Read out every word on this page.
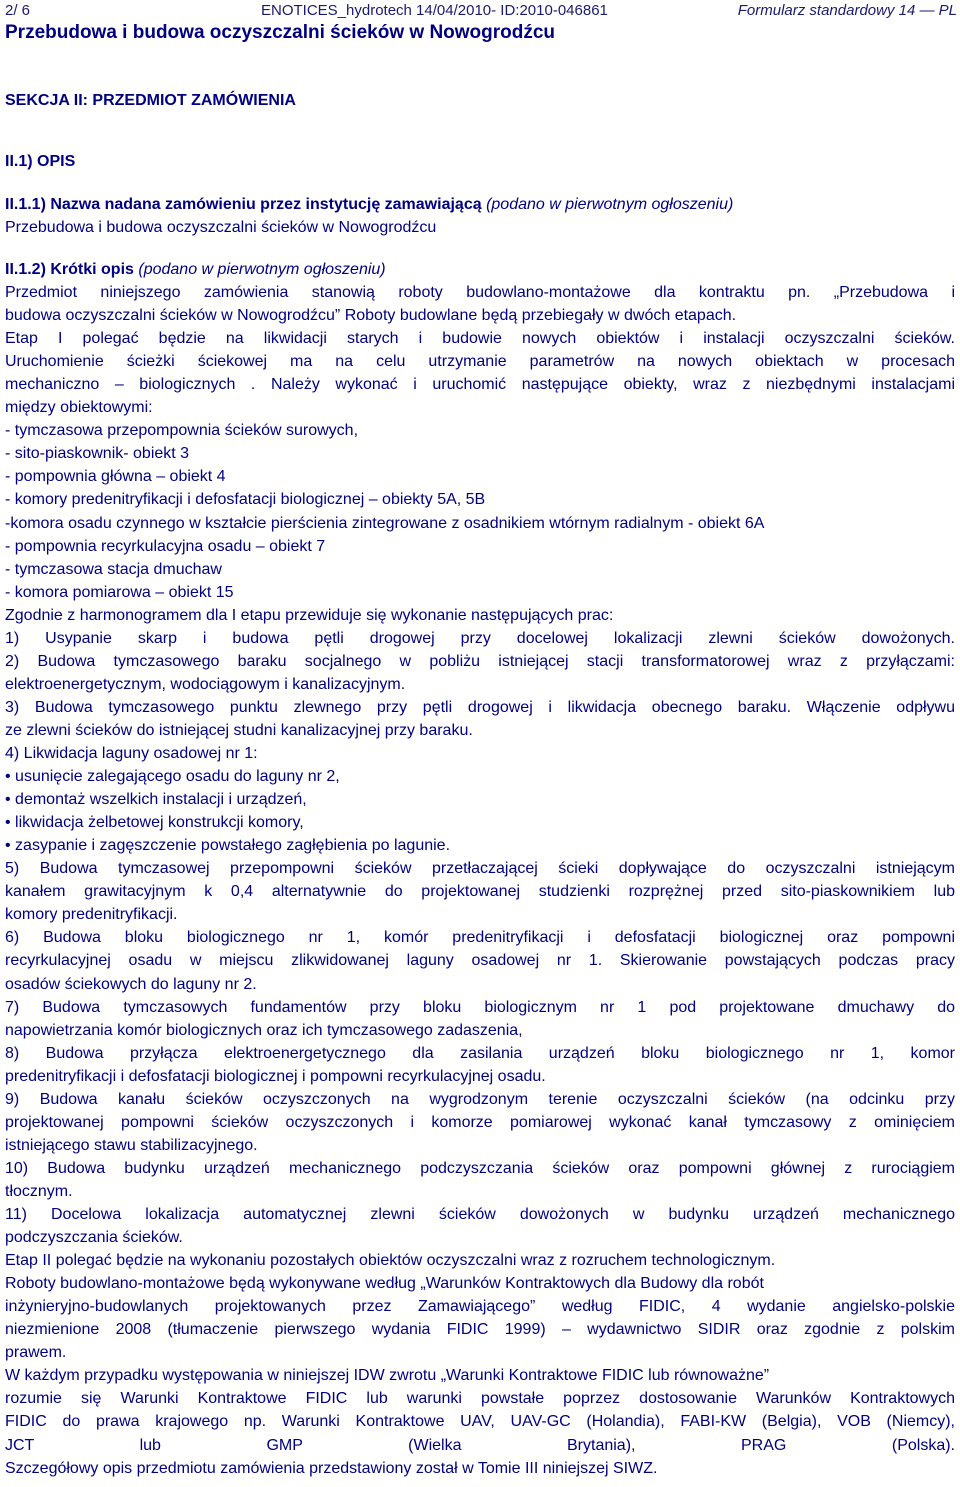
2/ 6	ENOTICES_hydrotech 14/04/2010- ID:2010-046861	Formularz standardowy 14 — PL
Przebudowa i budowa oczyszczalni ścieków w Nowogrodźcu
SEKCJA II: PRZEDMIOT ZAMÓWIENIA
II.1) OPIS
II.1.1) Nazwa nadana zamówieniu przez instytucję zamawiającą (podano w pierwotnym ogłoszeniu)
Przebudowa i budowa oczyszczalni ścieków w Nowogrodźcu
II.1.2) Krótki opis (podano w pierwotnym ogłoszeniu)
Przedmiot niniejszego zamówienia stanowią roboty budowlano-montażowe dla kontraktu pn. „Przebudowa i
budowa oczyszczalni ścieków w Nowogrodźcu” Roboty budowlane będą przebiegały w dwóch etapach.
Etap I polegać będzie na likwidacji starych i budowie nowych obiektów i instalacji oczyszczalni ścieków.
Uruchomienie ścieżki ściekowej ma na celu utrzymanie parametrów na nowych obiektach w procesach
mechaniczno – biologicznych . Należy wykonać i uruchomić następujące obiekty, wraz z niezbędnymi instalacjami
między obiektowymi:
- tymczasowa przepompownia ścieków surowych,
- sito-piaskownik- obiekt 3
- pompownia główna – obiekt 4
- komory predenitryfikacji i defosfatacji biologicznej – obiekty 5A, 5B
-komora osadu czynnego w kształcie pierścienia zintegrowane z osadnikiem wtórnym radialnym - obiekt 6A
- pompownia recyrkulacyjna osadu – obiekt 7
- tymczasowa stacja dmuchaw
- komora pomiarowa – obiekt 15
Zgodnie z harmonogramem dla I etapu przewiduje się wykonanie następujących prac:
1) Usypanie skarp i budowa pętli drogowej przy docelowej lokalizacji zlewni ścieków dowożonych.
2) Budowa tymczasowego baraku socjalnego w pobliżu istniejącej stacji transformatorowej wraz z przyłączami:
elektroenergetycznym, wodociągowym i kanalizacyjnym.
3) Budowa tymczasowego punktu zlewnego przy pętli drogowej i likwidacja obecnego baraku. Włączenie odpływu
ze zlewni ścieków do istniejącej studni kanalizacyjnej przy baraku.
4) Likwidacja laguny osadowej nr 1:
• usunięcie zalegającego osadu do laguny nr 2,
• demontaż wszelkich instalacji i urządzeń,
• likwidacja żelbetowej konstrukcji komory,
• zasypanie i zagęszczenie powstałego zagłębienia po lagunie.
5) Budowa tymczasowej przepompowni ścieków przetłaczającej ścieki dopływające do oczyszczalni istniejącym
kanałem grawitacyjnym k 0,4 alternatywnie do projektowanej studzienki rozprężnej przed sito-piaskownikiem lub
komory predenitryfikacji.
6) Budowa bloku biologicznego nr 1, komór predenitryfikacji i defosfatacji biologicznej oraz pompowni
recyrkulacyjnej osadu w miejscu zlikwidowanej laguny osadowej nr 1. Skierowanie powstających podczas pracy
osadów ściekowych do laguny nr 2.
7) Budowa tymczasowych fundamentów przy bloku biologicznym nr 1 pod projektowane dmuchawy do
napowietrzania komór biologicznych oraz ich tymczasowego zadaszenia,
8) Budowa przyłącza elektroenergetycznego dla zasilania urządzeń bloku biologicznego nr 1, komor
predenitryfikacji i defosfatacji biologicznej i pompowni recyrkulacyjnej osadu.
9) Budowa kanału ścieków oczyszczonych na wygrodzonym terenie oczyszczalni ścieków (na odcinku przy
projektowanej pompowni ścieków oczyszczonych i komorze pomiarowej wykonać kanał tymczasowy z ominięciem
istniejącego stawu stabilizacyjnego.
10) Budowa budynku urządzeń mechanicznego podczyszczania ścieków oraz pompowni głównej z rurociągiem
tłocznym.
11) Docelowa lokalizacja automatycznej zlewni ścieków dowożonych w budynku urządzeń mechanicznego
podczyszczania ścieków.
Etap II polegać będzie na wykonaniu pozostałych obiektów oczyszczalni wraz z rozruchem technologicznym.
Roboty budowlano-montażowe będą wykonywane według „Warunków Kontraktowych dla Budowy dla robót
inżynieryjno-budowlanych projektowanych przez Zamawiającego” według FIDIC, 4 wydanie angielsko-polskie
niezmienione 2008 (tłumaczenie pierwszego wydania FIDIC 1999) – wydawnictwo SIDIR oraz zgodnie z polskim
prawem.
W każdym przypadku występowania w niniejszej IDW zwrotu „Warunki Kontraktowe FIDIC lub równoważne”
rozumie się Warunki Kontraktowe FIDIC lub warunki powstałe poprzez dostosowanie Warunków Kontraktowych
FIDIC do prawa krajowego np. Warunki Kontraktowe UAV, UAV-GC (Holandia), FABI-KW (Belgia), VOB (Niemcy),
JCT lub GMP (Wielka Brytania), PRAG (Polska).
Szczegółowy opis przedmiotu zamówienia przedstawiony został w Tomie III niniejszej SIWZ.
